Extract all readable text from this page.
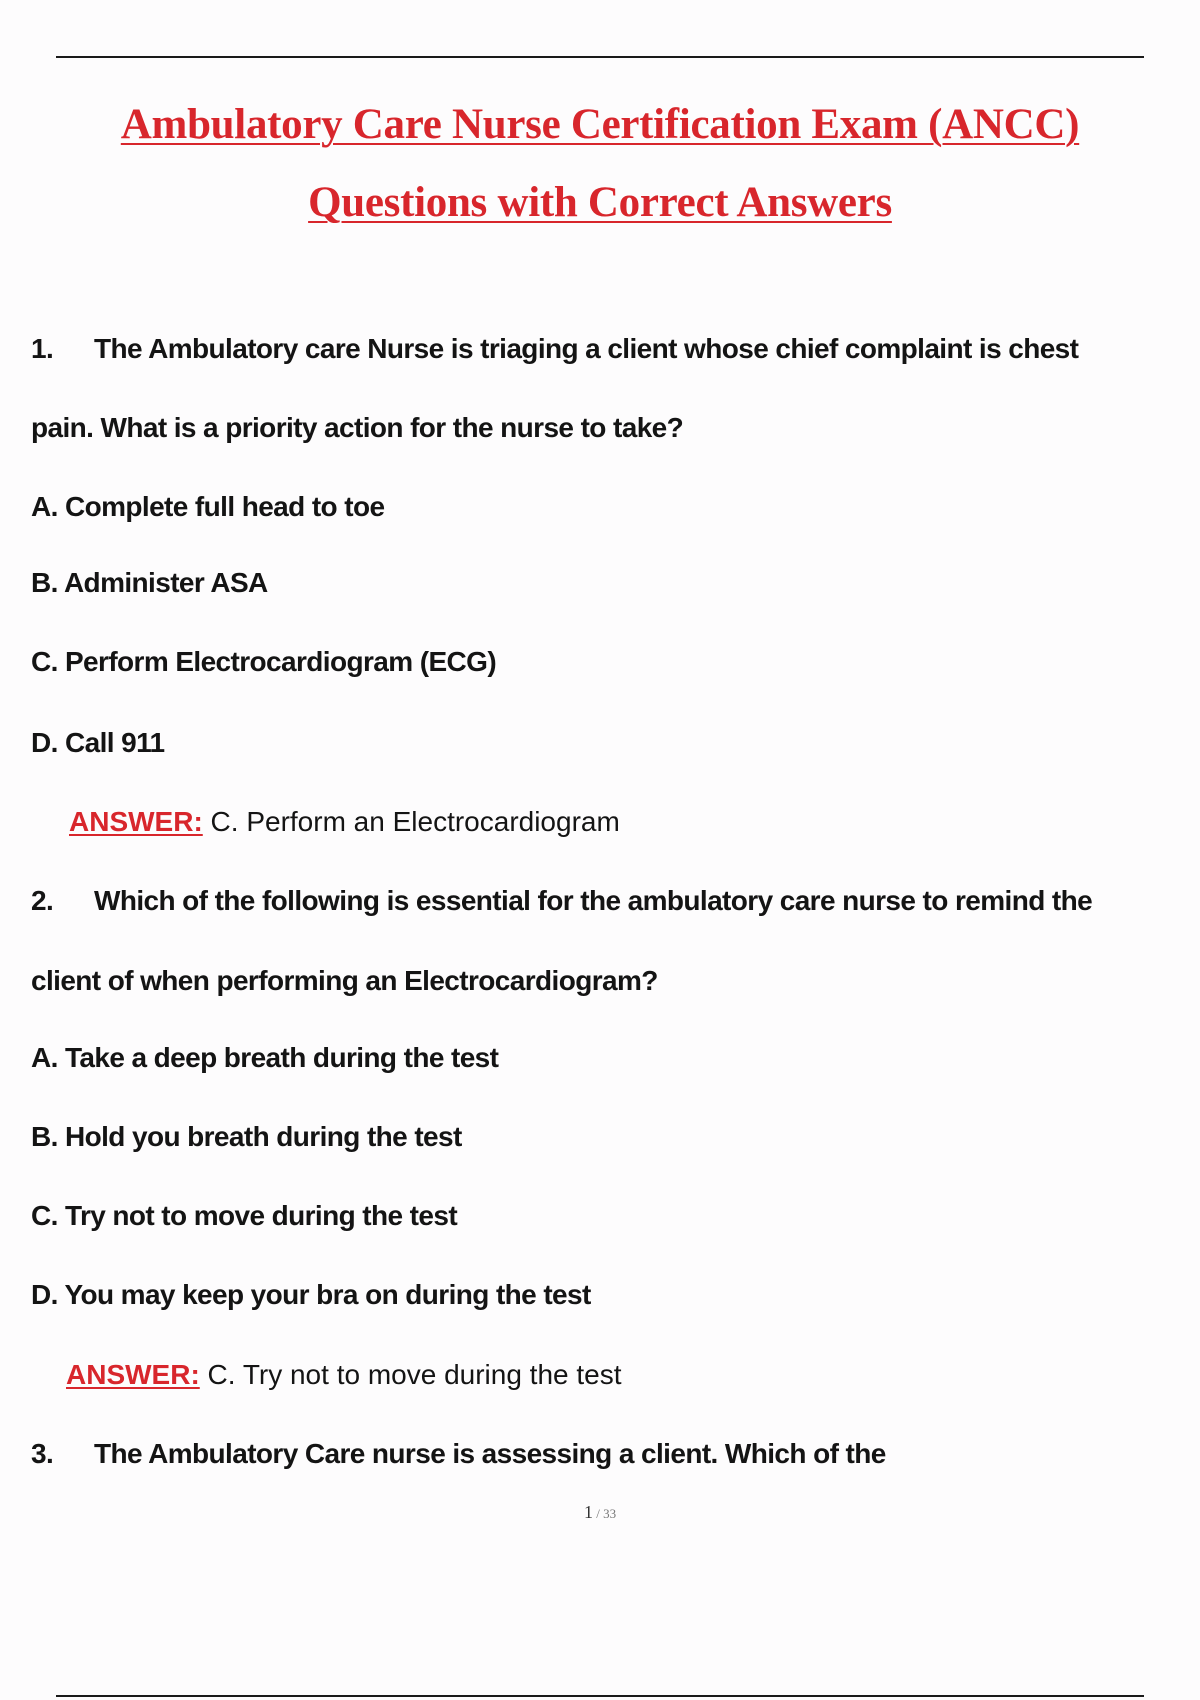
Ambulatory Care Nurse Certification Exam (ANCC)
Questions with Correct Answers
1. The Ambulatory care Nurse is triaging a client whose chief complaint is chest
pain. What is a priority action for the nurse to take?
A. Complete full head to toe
B. Administer ASA
C. Perform Electrocardiogram (ECG)
D. Call 911
ANSWER: C. Perform an Electrocardiogram
2. Which of the following is essential for the ambulatory care nurse to remind the
client of when performing an Electrocardiogram?
A. Take a deep breath during the test
B. Hold you breath during the test
C. Try not to move during the test
D. You may keep your bra on during the test
ANSWER: C. Try not to move during the test
3. The Ambulatory Care nurse is assessing a client. Which of the
1 / 33
